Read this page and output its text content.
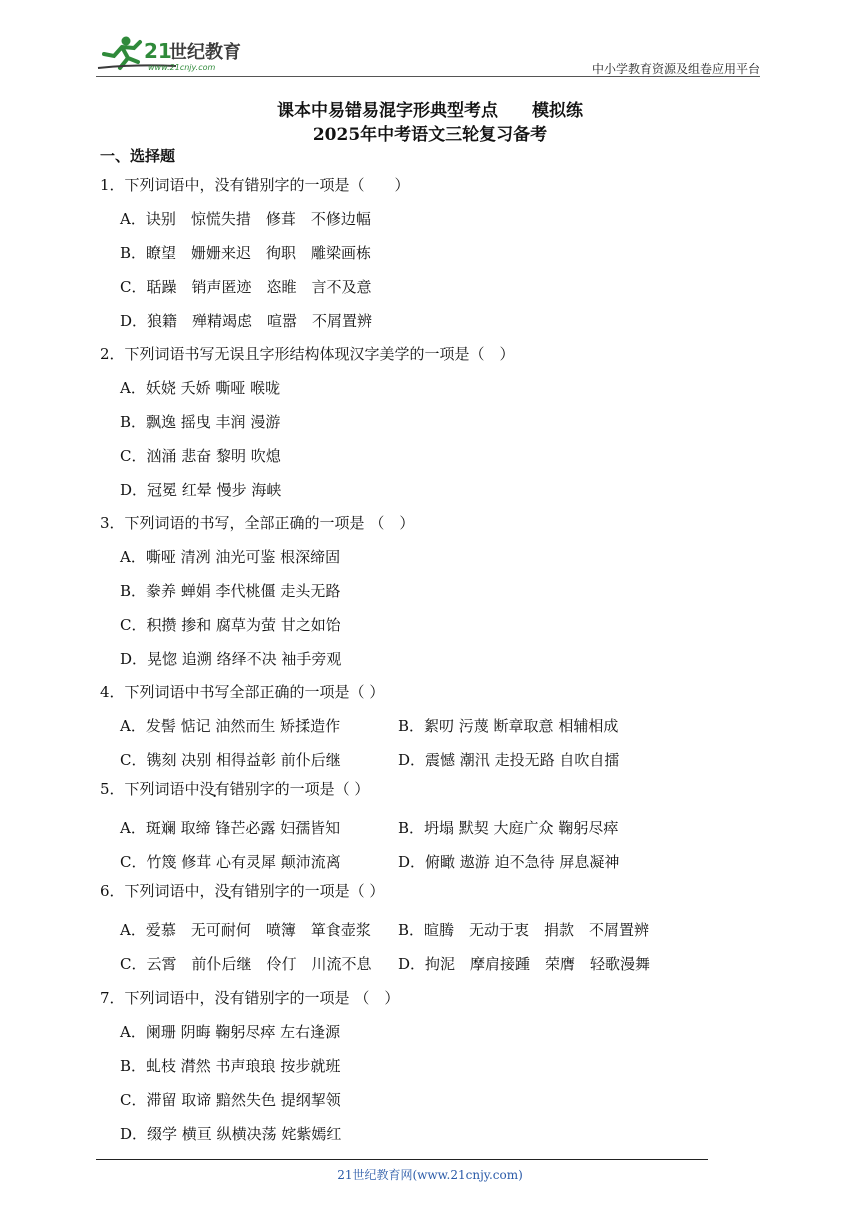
21
世纪教育
www.21cnjy.com	中小学教育资源及组卷应用平台
课本中易错易混字形典型考点　　模拟练
2025年中考语文三轮复习备考
一、选择题
1．下列词语中，没有错别字的一项是（　　）
A．诀别　惊慌失措　修葺　不修边幅
B．瞭望　姗姗来迟　徇职　雕梁画栋
C．聒躁　销声匿迹　恣睢　言不及意
D．狼籍　殚精竭虑　喧嚣　不屑置辨
2．下列词语书写无误且字形结构体现汉字美学的一项是（　）
A．妖娆 夭娇 嘶哑 喉咙
B．飘逸 摇曳 丰润 漫游
C．汹涌 悲奋 黎明 吹熄
D．冠冕 红晕 慢步 海峡
3．下列词语的书写，全部正确的一项是 （　）
A．嘶哑 清冽 油光可鉴 根深缔固
B．豢养 蝉娟 李代桃僵 走头无路
C．积攒 掺和 腐草为萤 甘之如饴
D．晃惚 追溯 络绎不决 袖手旁观
4．下列词语中书写全部正确的一项是（ ）
A．发髻 惦记 油然而生 矫揉造作	B．絮叨 污蔑 断章取意 相辅相成
C．镌刻 决别 相得益彰 前仆后继	D．震憾 潮汛 走投无路 自吹自擂
5．下列词语中没有错别字的一项是（ ）
A．斑斓 取缔 锋芒必露 妇孺皆知	B．坍塌 默契 大庭广众 鞠躬尽瘁
C．竹篾 修茸 心有灵犀 颠沛流离	D．俯瞰 遨游 迫不急待 屏息凝神
6．下列词语中，没有错别字的一项是（ ）
A．爱慕　无可耐何　喷簿　箪食壶浆 B．暄腾　无动于衷　捐款　不屑置辨
C．云霄　前仆后继　伶仃　川流不息 D．拘泥　摩肩接踵　荣膺　轻歌漫舞
7．下列词语中，没有错别字的一项是 （　）
A．阑珊 阴晦 鞠躬尽瘁 左右逢源
B．虬枝 潸然 书声琅琅 按步就班
C．滞留 取谛 黯然失色 提纲挈领
D．缀学 横亘 纵横决荡 姹紫嫣红
21世纪教育网(www.21cnjy.com)
